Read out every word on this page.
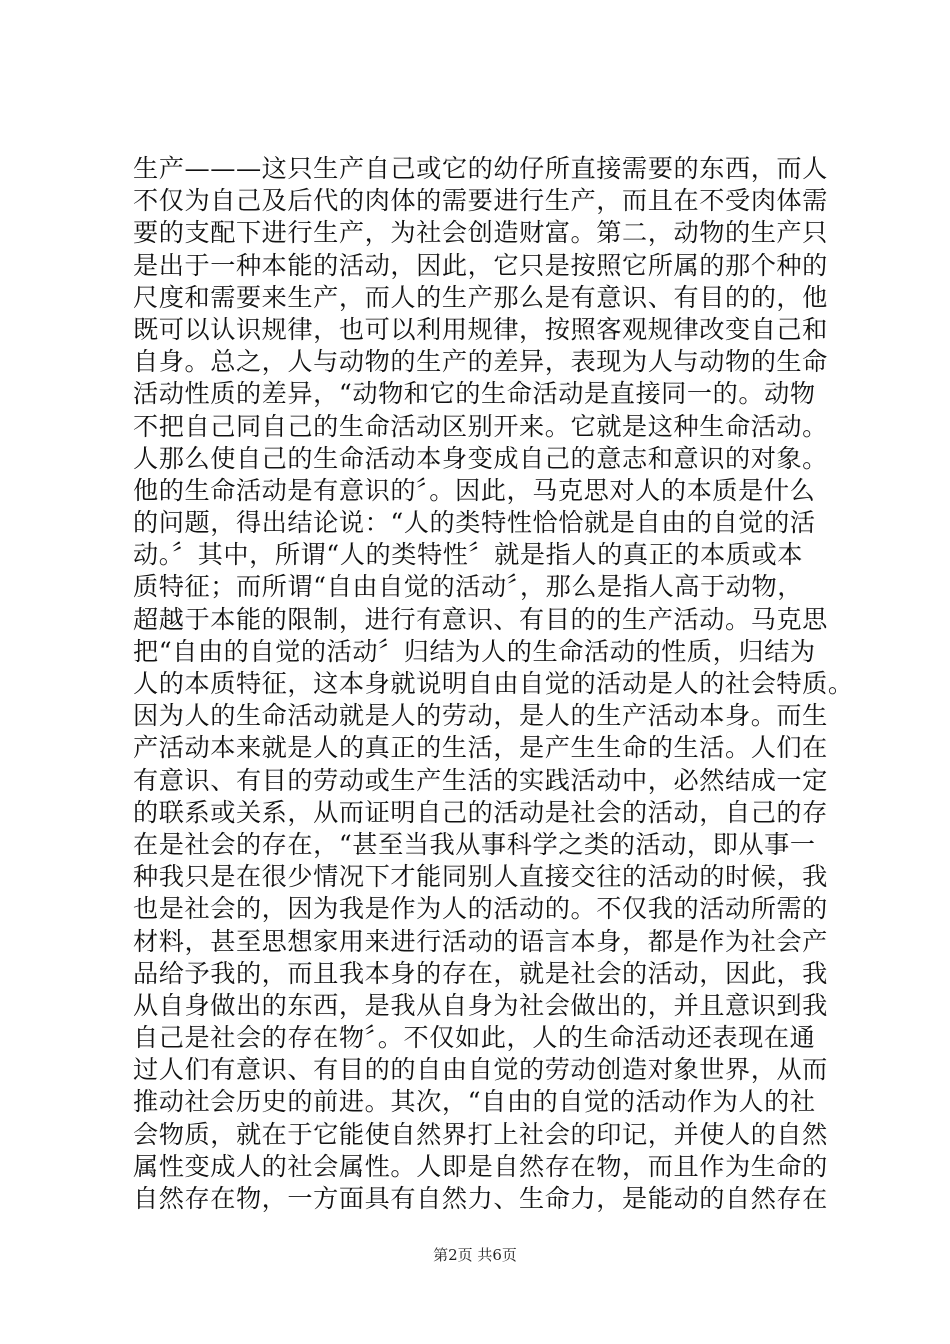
生产———这只生产自己或它的幼仔所直接需要的东西，而人
不仅为自己及后代的肉体的需要进行生产，而且在不受肉体需
要的支配下进行生产，为社会创造财富。第二，动物的生产只
是出于一种本能的活动，因此，它只是按照它所属的那个种的
尺度和需要来生产，而人的生产那么是有意识、有目的的，他
既可以认识规律，也可以利用规律，按照客观规律改变自己和
自身。总之，人与动物的生产的差异，表现为人与动物的生命
活动性质的差异，“动物和它的生命活动是直接同一的。动物
不把自己同自己的生命活动区别开来。它就是这种生命活动。
人那么使自己的生命活动本身变成自己的意志和意识的对象。
他的生命活动是有意识的〞。因此，马克思对人的本质是什么
的问题，得出结论说：“人的类特性恰恰就是自由的自觉的活
动。〞其中，所谓“人的类特性〞就是指人的真正的本质或本
质特征；而所谓“自由自觉的活动〞，那么是指人高于动物，
超越于本能的限制，进行有意识、有目的的生产活动。马克思
把“自由的自觉的活动〞归结为人的生命活动的性质，归结为
人的本质特征，这本身就说明自由自觉的活动是人的社会特质。
因为人的生命活动就是人的劳动，是人的生产活动本身。而生
产活动本来就是人的真正的生活，是产生生命的生活。人们在
有意识、有目的劳动或生产生活的实践活动中，必然结成一定
的联系或关系，从而证明自己的活动是社会的活动，自己的存
在是社会的存在，“甚至当我从事科学之类的活动，即从事一
种我只是在很少情况下才能同别人直接交往的活动的时候，我
也是社会的，因为我是作为人的活动的。不仅我的活动所需的
材料，甚至思想家用来进行活动的语言本身，都是作为社会产
品给予我的，而且我本身的存在，就是社会的活动，因此，我
从自身做出的东西，是我从自身为社会做出的，并且意识到我
自己是社会的存在物〞。不仅如此，人的生命活动还表现在通
过人们有意识、有目的的自由自觉的劳动创造对象世界，从而
推动社会历史的前进。其次，“自由的自觉的活动作为人的社
会物质，就在于它能使自然界打上社会的印记，并使人的自然
属性变成人的社会属性。人即是自然存在物，而且作为生命的
自然存在物，一方面具有自然力、生命力，是能动的自然存在
第2页 共6页
